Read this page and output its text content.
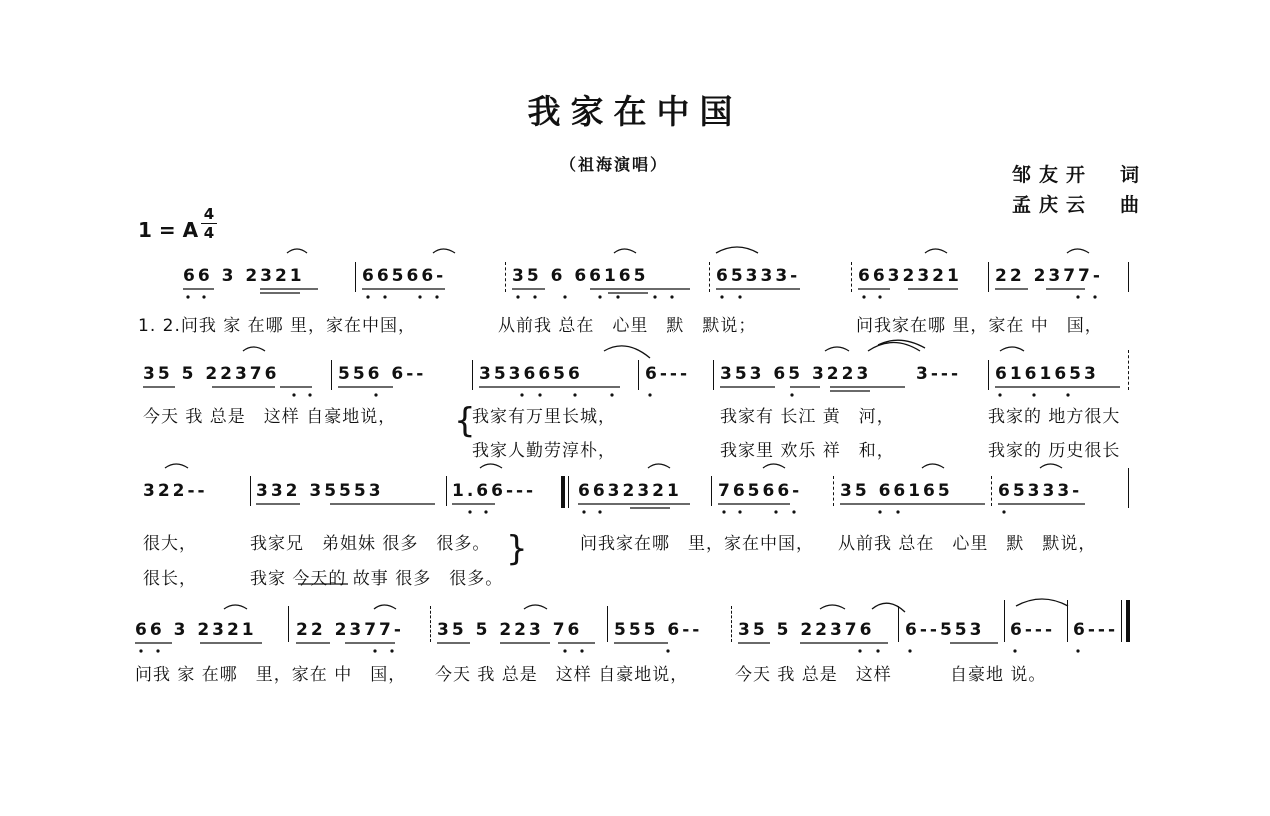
我家在中国
（祖海演唱）	邹友开　词
孟庆云　曲
1 = A
4
4
66 3 2321	66566-	35 6 66165	65333-	6632321 22 2377-
1. 2.问我 家 在哪 里，家在中国，	从前我 总在　心里　默　默说；	问我家在哪 里，家在 中　国，
35 5 22376	556 6--	3536656	6--- 353 65 3223	3--- 6161653
今天 我 总是　这样 自豪地说， {
我家有万里长城，	我家有 长江 黄　河，	我家的 地方很大
我家人勤劳淳朴，	我家里 欢乐 祥　和，	我家的 历史很长
322--	332 35553	1.66--- 6632321 76566- 35 66165	65333-
很大，	我家兄　弟姐妹 很多　很多。 }	问我家在哪　里，家在中国， 从前我 总在　心里　默　默说，
很长，	我家 今天的 故事 很多　很多。
66 3 2321 22 2377- 35 5 223 76 555 6-- 35 5 22376 6--553 6--- 6---
问我 家 在哪　里，家在 中　国， 今天 我 总是　这样 自豪地说，	今天 我 总是　这样	自豪地 说。
